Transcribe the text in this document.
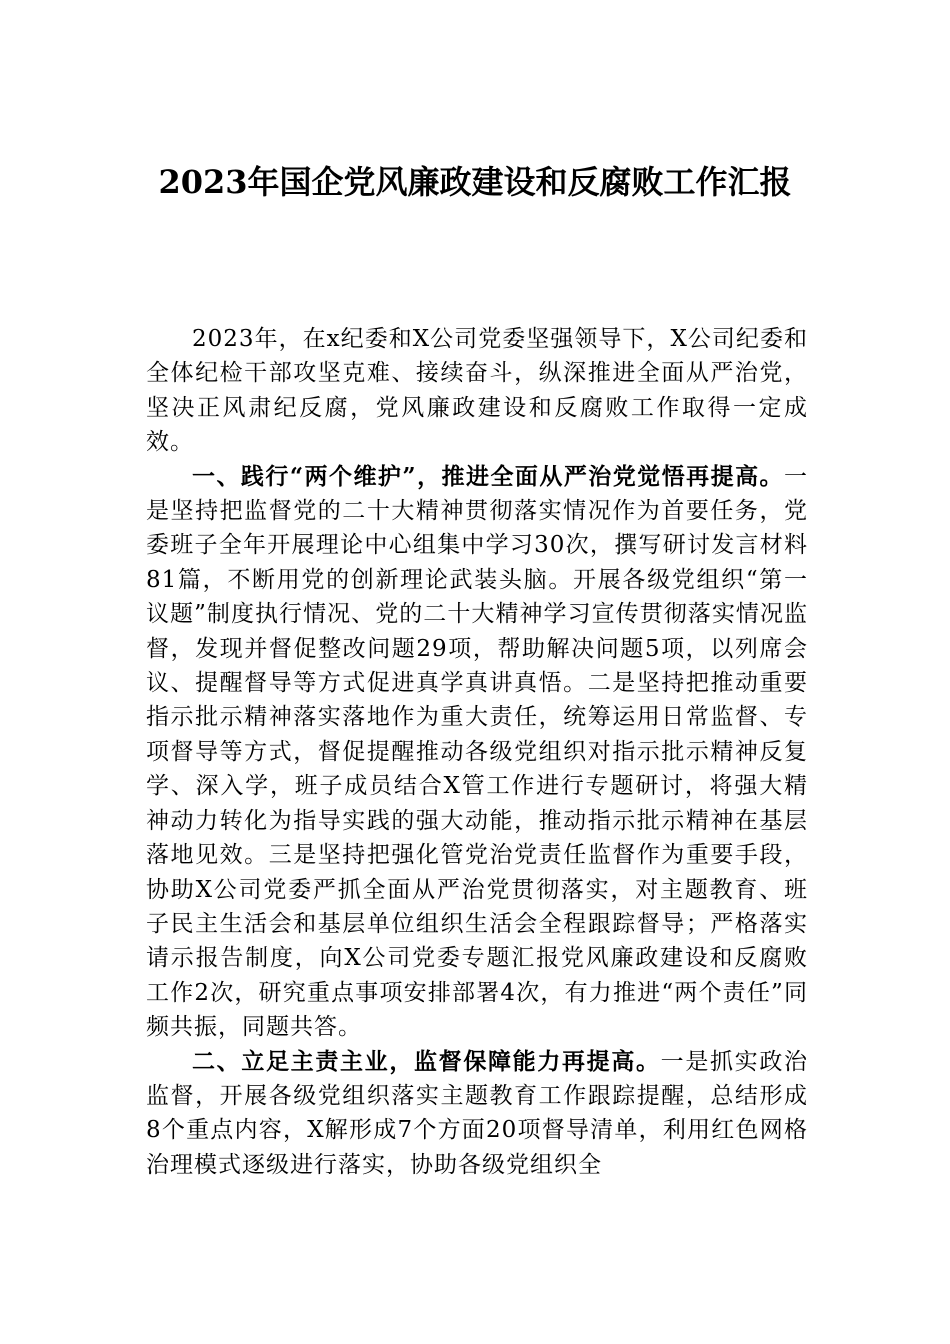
2023年国企党风廉政建设和反腐败工作汇报

2023年，在x纪委和X公司党委坚强领导下，X公司纪委和全体纪检干部攻坚克难、接续奋斗，纵深推进全面从严治党，坚决正风肃纪反腐，党风廉政建设和反腐败工作取得一定成效。

一、践行“两个维护”，推进全面从严治党觉悟再提高。一是坚持把监督党的二十大精神贯彻落实情况作为首要任务，党委班子全年开展理论中心组集中学习30次，撰写研讨发言材料81篇，不断用党的创新理论武装头脑。开展各级党组织“第一议题”制度执行情况、党的二十大精神学习宣传贯彻落实情况监督，发现并督促整改问题29项，帮助解决问题5项，以列席会议、提醒督导等方式促进真学真讲真悟。二是坚持把推动重要指示批示精神落实落地作为重大责任，统筹运用日常监督、专项督导等方式，督促提醒推动各级党组织对指示批示精神反复学、深入学，班子成员结合X管工作进行专题研讨，将强大精神动力转化为指导实践的强大动能，推动指示批示精神在基层落地见效。三是坚持把强化管党治党责任监督作为重要手段，协助X公司党委严抓全面从严治党贯彻落实，对主题教育、班子民主生活会和基层单位组织生活会全程跟踪督导；严格落实请示报告制度，向X公司党委专题汇报党风廉政建设和反腐败工作2次，研究重点事项安排部署4次，有力推进“两个责任”同频共振，同题共答。

二、立足主责主业，监督保障能力再提高。一是抓实政治监督，开展各级党组织落实主题教育工作跟踪提醒，总结形成8个重点内容，X解形成7个方面20项督导清单，利用红色网格治理模式逐级进行落实，协助各级党组织全
